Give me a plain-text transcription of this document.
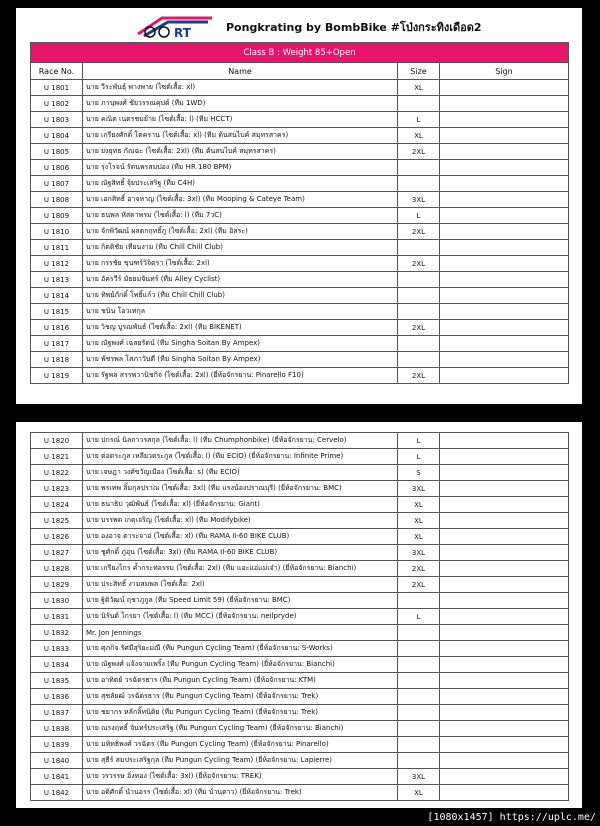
RT	Pongkrating by BombBike #โป่งกระทิงเดือด2
Class B : Weight 85+Open			
Race No.	Name	Size	Sign
U 1801	นาย วีระพันธุ์ พางพาย (ไซต์เสื้อ: xl)	XL	
U 1802	นาย ภานุพงศ์ ชัยวรรณคุปต์ (ทีม 1WD)		
U 1803	นาย คณิต เนตรชมย้าย (ไซต์เสื้อ: l) (ทีม HCCT)	L	
U 1804	นาย เกรียงศักดิ์ โตคราน (ไซต์เสื้อ: xl) (ทีม ต้นสนไบค์ สมุทรสาคร)	XL	
U 1805	นาย ยงยุทธ กัณฉะ (ไซต์เสื้อ: 2xl) (ทีม ต้นสนไบค์ สมุทรสาคร)	2XL	
U 1806	นาย รุ่งโรจน์ รัตนพรสมปอง (ทีม HR 180 BPM)		
U 1807	นาย ณัฐสิทธิ์ จุ้ยประเสริฐ (ทีม C4H)		
U 1808	นาย เอกสิทธิ์ อาจหาญ (ไซต์เสื้อ: 3xl) (ทีม Mooping & Cateye Team)	3XL	
U 1809	นาย ธนพล หัสดาพรม (ไซต์เสื้อ: l) (ทีม 7วC)	L	
U 1810	นาย จักพิวัฒน์ ผลตกฤทธิ์ภู (ไซต์เสื้อ: 2xl) (ทีม อิสระ)	2XL	
U 1811	นาย กิตติชัย เทียนงาม (ทีม Chill Chill Club)		
U 1812	นาย กรรชัย ขุนฑร์วิจิตรา (ไซต์เสื้อ: 2xl)	2XL	
U 1813	นาย อัครวีร์ มัธยมจันทร์ (ทีม Alley Cyclist)		
U 1814	นาย ทิพย์ภักดิ์ โพธิ์แก้ว (ทีม Chill Chill Club)		
U 1815	นาย ชนิน โอวเทกุล		
U 1816	นาย วิชญ บูรณพันธ์ (ไซต์เสื้อ: 2xl) (ทีม BIKENET)	2XL	
U 1817	นาย ณัฐพงศ์ เฉลยรัตน์ (ทีม Singha Soitan By Ampex)		
U 1818	นาย พัชรพล โสภาวันดี (ทีม Singha Soitan By Ampex)		
U 1819	นาย รัฐพล สรรพวานิชกิจ (ไซต์เสื้อ: 2xl) (ยี่ห้อจักรยาน: Pinarello F10)	2XL	
U 1820	นาย ปกรณ์ นิลถาวรสกุล (ไซต์เสื้อ: l) (ทีม Chumphonbike) (ยี่ห้อจักรยาน: Cervelo)	L	
U 1821	นาย ต่อตระกูล เหลียวตระกูล (ไซต์เสื้อ: l) (ทีม ECIO) (ยี่ห้อจักรยาน: Infinite Prime)	L	
U 1822	นาย เจษฎา วงศ์ขวัญเมือง (ไซต์เสื้อ: s) (ทีม ECIO)	S	
U 1823	นาย พรเทพ ลิ้มกุลปราณ (ไซต์เสื้อ: 3xl) (ทีม แรงน้องปราณบุรี) (ยี่ห้อจักรยาน: BMC)	3XL	
U 1824	นาย ธนาธิป วุฒิพันธ์ (ไซต์เสื้อ: xl) (ยี่ห้อจักรยาน: Giant)	XL	
U 1825	นาย บรรพต เกตุเจริญ (ไซต์เสื้อ: xl) (ทีม Modifybike)	XL	
U 1826	นาย องอาจ ตาระจาอ่ (ไซต์เสื้อ: xl) (ทีม RAMA II-60 BIKE CLUB)	XL	
U 1827	นาย ชูศักดิ์ ภู่อุ่น (ไซต์เสื้อ: 3xl) (ทีม RAMA II-60 BIKE CLUB)	3XL	
U 1828	นาย เกรียงไกร ค้ำกระท่อรรม (ไซต์เสื้อ: 2xl) (ทีม แอะแอ่แม่เจ๋า) (ยี่ห้อจักรยาน: Bianchi)	2XL	
U 1829	นาย ประสิทธิ์ งามสมพล (ไซต์เสื้อ: 2xl)	2XL	
U 1830	นาย ฐิติวัฒน์ ฤชาภูกูล (ทีม Speed Limit 59) (ยี่ห้อจักรยาน: BMC)		
U 1831	นาย นิรันต์ ไกรยา (ไซต์เสื้อ: l) (ทีม MCC) (ยี่ห้อจักรยาน: neilpryde)	L	
U 1832	Mr. Jon Jennings		
U 1833	นาย ศุภกิจ รัศมีสุริยะมณี (ทีม Pungun Cycling Team) (ยี่ห้อจักรยาน: S-Works)		
U 1834	นาย ณัฐพงศ์ แจ้งจามเพริ้ง (ทีม Pungun Cycling Team) (ยี่ห้อจักรยาน: Bianchi)		
U 1835	นาย อาทิตย์ วรฉัตรธาร (ทีม Pungun Cycling Team) (ยี่ห้อจักรยาน: KTM)		
U 1836	นาย สุชลัยฒ์ วรฉัตรธาร (ทีม Pungun Cycling Team) (ยี่ห้อจักรยาน: Trek)		
U 1837	นาย ชยากร หลักลิ้ทนิติย (ทีม Pungun Cycling Team) (ยี่ห้อจักรยาน: Trek)		
U 1838	นาย ณรงฤทธิ์ จันทร์ประเสริฐ (ทีม Pungun Cycling Team) (ยี่ห้อจักรยาน: Bianchi)		
U 1839	นาย มหิทธิพงศ์ วรฉัตร (ทีม Pungun Cycling Team) (ยี่ห้อจักรยาน: Pinarello)		
U 1840	นาย สุธีร์ สมประเสริฐกุล (ทีม Pungun Cycling Team) (ยี่ห้อจักรยาน: Lapierre)		
U 1841	นาย วรวรรษ อิ่งทอง (ไซต์เสื้อ: 3xl) (ยี่ห้อจักรยาน: TREK)	3XL	
U 1842	นาย อดิศักดิ์ นำนอรร (ไซต์เสื้อ: xl) (ทีม บ้านตาว) (ยี่ห้อจักรยาน: Trek)	XL	
[1080x1457] https://uplc.me/
